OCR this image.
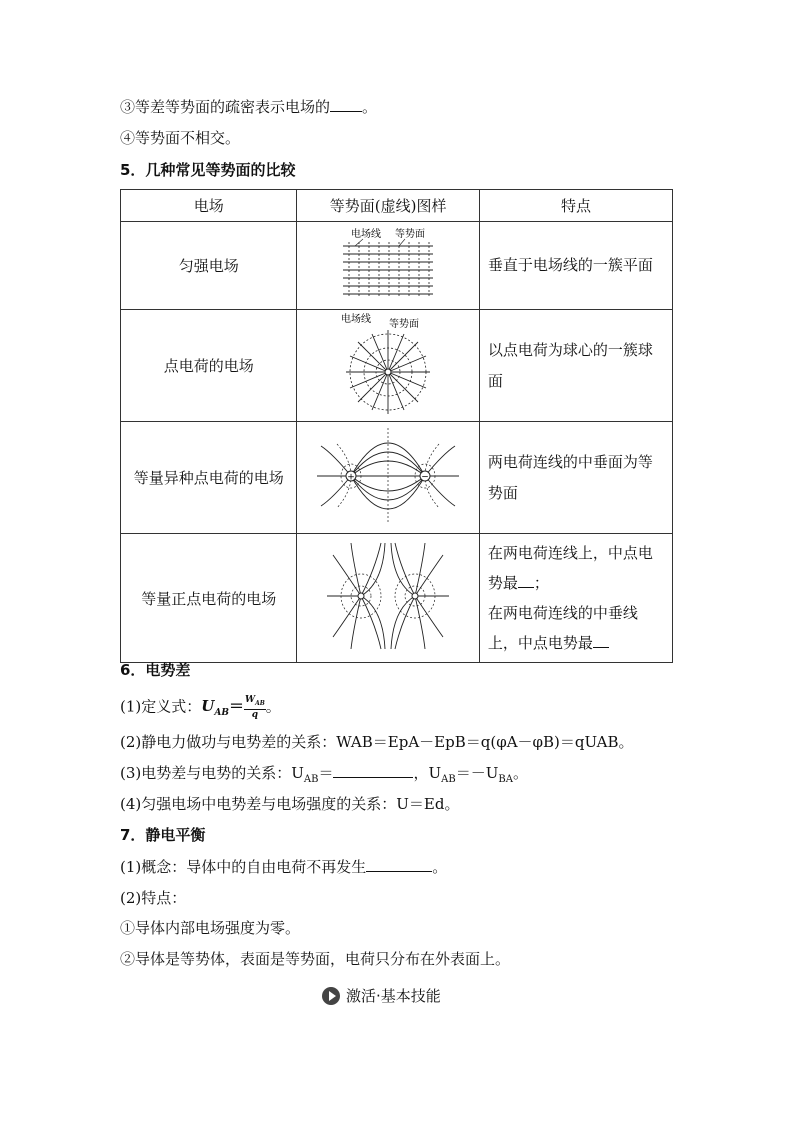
③等差等势面的疏密表示电场的 。
④等势面不相交。
5．几种常见等势面的比较
电场	等势面(虚线)图样	特点
匀强电场	电场线 等势面	垂直于电场线的一簇平面
点电荷的电场	电场线 等势面	以点电荷为球心的一簇球面
等量异种点电荷的电场	+ −	两电荷连线的中垂面为等势面
等量正点电荷的电场		在两电荷连线上，中点电势最 ；
在两电荷连线的中垂线上，中点电势最
6．电势差
(1)定义式：$U_{AB}= \frac{W_{AB}}{q}$ 。
(2)静电力做功与电势差的关系：WAB＝EpA－EpB＝q(φA－φB)＝qUAB。
(3)电势差与电势的关系：$U_{AB}=$	，$U_{AB}=-U_{BA}$。
(4)匀强电场中电势差与电场强度的关系：U＝Ed。
7．静电平衡
(1)概念：导体中的自由电荷不再发生	。
(2)特点：
①导体内部电场强度为零。
②导体是等势体，表面是等势面，电荷只分布在外表面上。
激活·基本技能
